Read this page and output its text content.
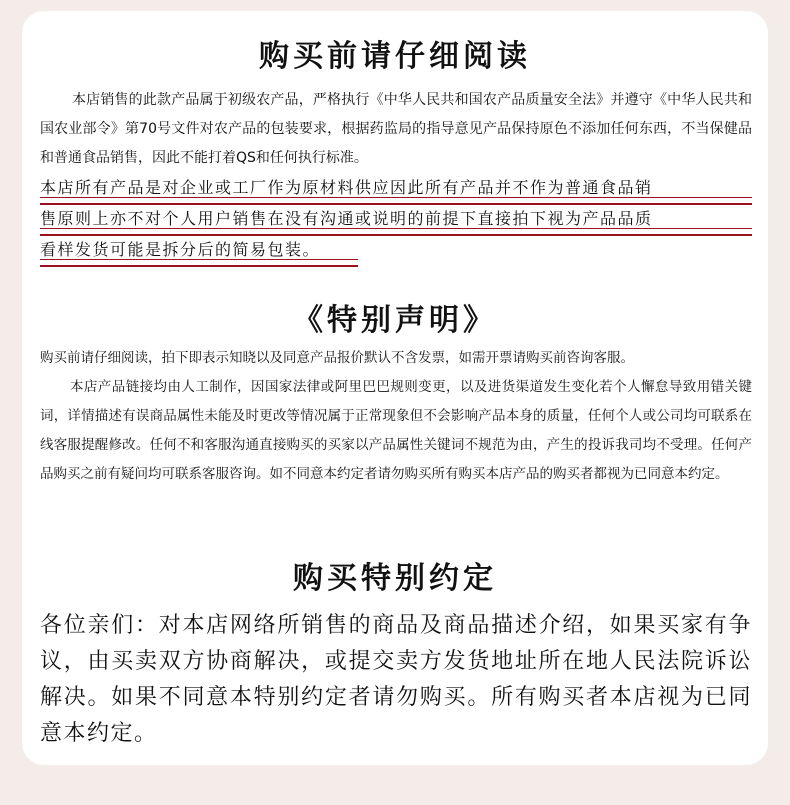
购买前请仔细阅读

本店销售的此款产品属于初级农产品，严格执行《中华人民共和国农产品质量安全法》并遵守《中华人民共和国农业部令》第70号文件对农产品的包装要求，根据药监局的指导意见产品保持原色不添加任何东西，不当保健品和普通食品销售，因此不能打着QS和任何执行标准。

本店所有产品是对企业或工厂作为原材料供应因此所有产品并不作为普通食品销
售原则上亦不对个人用户销售在没有沟通或说明的前提下直接拍下视为产品品质
看样发货可能是拆分后的简易包装。
《特别声明》

购买前请仔细阅读，拍下即表示知晓以及同意产品报价默认不含发票，如需开票请购买前咨询客服。

本店产品链接均由人工制作，因国家法律或阿里巴巴规则变更，以及进货渠道发生变化若个人懈怠导致用错关键词，详情描述有误商品属性未能及时更改等情况属于正常现象但不会影响产品本身的质量，任何个人或公司均可联系在线客服提醒修改。任何不和客服沟通直接购买的买家以产品属性关键词不规范为由，产生的投诉我司均不受理。任何产品购买之前有疑问均可联系客服咨询。如不同意本约定者请勿购买所有购买本店产品的购买者都视为已同意本约定。

购买特别约定

各位亲们：对本店网络所销售的商品及商品描述介绍，如果买家有争议，由买卖双方协商解决，或提交卖方发货地址所在地人民法院诉讼解决。如果不同意本特别约定者请勿购买。所有购买者本店视为已同意本约定。
